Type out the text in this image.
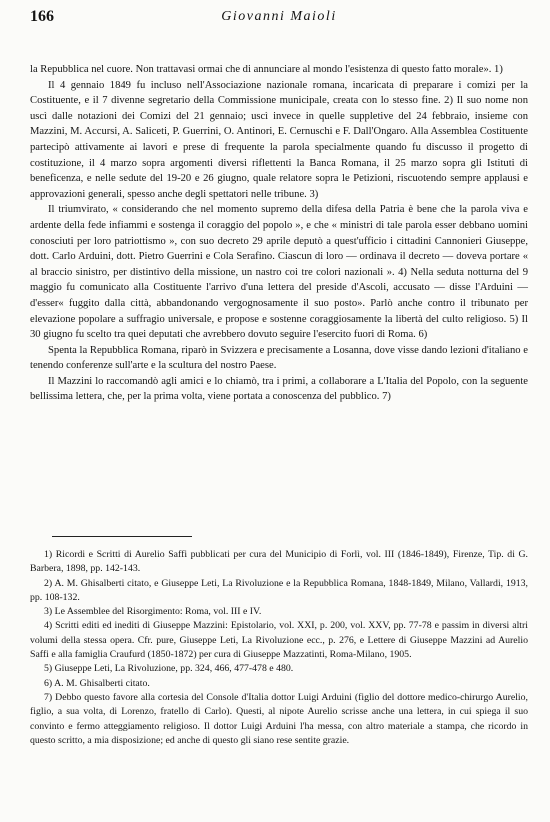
166	Giovanni Maioli

la Repubblica nel cuore. Non trattavasi ormai che di annunciare al mondo l'esistenza di questo fatto morale». 1)

Il 4 gennaio 1849 fu incluso nell'Associazione nazionale romana, incaricata di preparare i comizi per la Costituente, e il 7 divenne segretario della Commissione municipale, creata con lo stesso fine. 2) Il suo nome non uscì dalle notazioni dei Comizi del 21 gennaio; uscì invece in quelle suppletive del 24 febbraio, insieme con Mazzini, M. Accursi, A. Saliceti, P. Guerrini, O. Antinori, E. Cernuschi e F. Dall'Ongaro. Alla Assemblea Costituente partecipò attivamente ai lavori e prese di frequente la parola specialmente quando fu discusso il progetto di costituzione, il 4 marzo sopra argomenti diversi riflettenti la Banca Romana, il 25 marzo sopra gli Istituti di beneficenza, e nelle sedute del 19-20 e 26 giugno, quale relatore sopra le Petizioni, riscuotendo sempre applausi e approvazioni generali, spesso anche degli spettatori nelle tribune. 3)

Il triumvirato, « considerando che nel momento supremo della difesa della Patria è bene che la parola viva e ardente della fede infiammi e sostenga il coraggio del popolo », e che « ministri di tale parola esser debbano uomini conosciuti per loro patriottismo », con suo decreto 29 aprile deputò a quest'ufficio i cittadini Cannonieri Giuseppe, dott. Carlo Arduini, dott. Pietro Guerrini e Cola Serafino. Ciascun di loro — ordinava il decreto — doveva portare « al braccio sinistro, per distintivo della missione, un nastro coi tre colori nazionali ». 4) Nella seduta notturna del 9 maggio fu comunicato alla Costituente l'arrivo d'una lettera del preside d'Ascoli, accusato — disse l'Arduini — d'esser« fuggito dalla città, abbandonando vergognosamente il suo posto». Parlò anche contro il tribunato per elevazione popolare a suffragio universale, e propose e sostenne coraggiosamente la libertà del culto religioso. 5) Il 30 giugno fu scelto tra quei deputati che avrebbero dovuto seguire l'esercito fuori di Roma. 6)

Spenta la Repubblica Romana, riparò in Svizzera e precisamente a Losanna, dove visse dando lezioni d'italiano e tenendo conferenze sull'arte e la scultura del nostro Paese.

Il Mazzini lo raccomandò agli amici e lo chiamò, tra i primi, a collaborare a L'Italia del Popolo, con la seguente bellissima lettera, che, per la prima volta, viene portata a conoscenza del pubblico. 7)

1) Ricordi e Scritti di Aurelio Saffi pubblicati per cura del Municipio di Forlì, vol. III (1846-1849), Firenze, Tip. di G. Barbera, 1898, pp. 142-143.

2) A. M. Ghisalberti citato, e Giuseppe Leti, La Rivoluzione e la Repubblica Romana, 1848-1849, Milano, Vallardi, 1913, pp. 108-132.

3) Le Assemblee del Risorgimento: Roma, vol. III e IV.

4) Scritti editi ed inediti di Giuseppe Mazzini: Epistolario, vol. XXI, p. 200, vol. XXV, pp. 77-78 e passim in diversi altri volumi della stessa opera. Cfr. pure, Giuseppe Leti, La Rivoluzione ecc., p. 276, e Lettere di Giuseppe Mazzini ad Aurelio Saffi e alla famiglia Craufurd (1850-1872) per cura di Giuseppe Mazzatinti, Roma-Milano, 1905.

5) Giuseppe Leti, La Rivoluzione, pp. 324, 466, 477-478 e 480.

6) A. M. Ghisalberti citato.

7) Debbo questo favore alla cortesia del Console d'Italia dottor Luigi Arduini (figlio del dottore medico-chirurgo Aurelio, figlio, a sua volta, di Lorenzo, fratello di Carlo). Questi, al nipote Aurelio scrisse anche una lettera, in cui spiega il suo convinto e fermo atteggiamento religioso. Il dottor Luigi Arduini l'ha messa, con altro materiale a stampa, che ricordo in questo scritto, a mia disposizione; ed anche di questo gli siano rese sentite grazie.
